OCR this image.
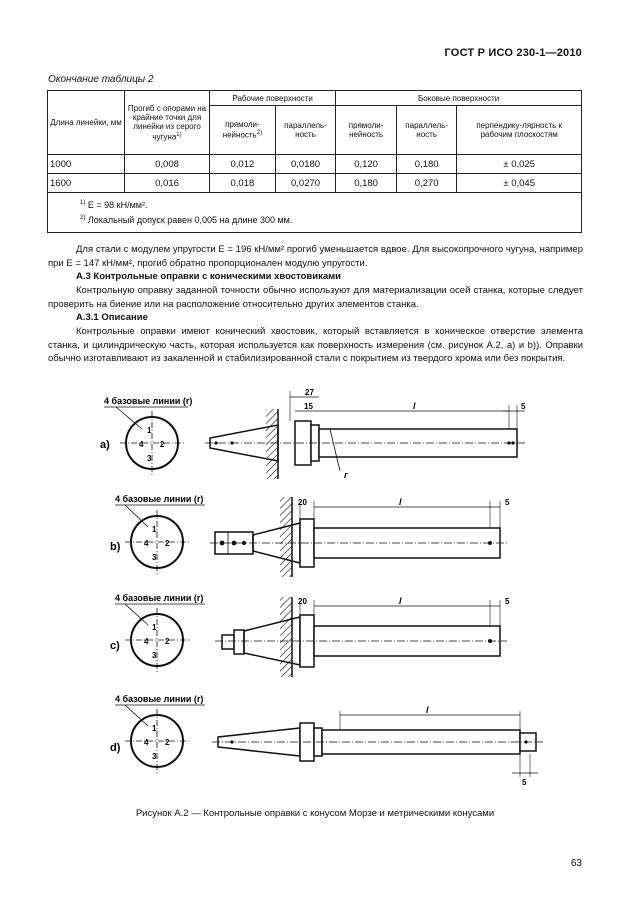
ГОСТ Р ИСО 230-1—2010
Окончание таблицы 2
Длина линейки, мм	Прогиб с опорами на крайние точки для линейки из серого чугуна$^{1)}$	Рабочие поверхности		Боковые поверхности		
		прямоли-нейность$^{2)}$	параллель-ность	прямоли-нейность	параллель-ность	перпендику-лярность к рабочим плоскостям
1000	0,008	0,012	0,0180	0,120	0,180	± 0,025
1600	0,016	0,018	0,0270	0,180	0,270	± 0,045

$^{1)}$ E = 98 кН/мм².
$^{2)}$ Локальный допуск равен 0,005 на длине 300 мм.						
Для стали с модулем упругости E = 196 кН/мм² прогиб уменьшается вдвое. Для высокопрочного чугуна, например при E = 147 кН/мм², прогиб обратно пропорционален модулю упругости.
А.3 Контрольные оправки с коническими хвостовиками
Контрольную оправку заданной точности обычно используют для материализации осей станка, которые следует проверить на биение или на расположение относительно других элементов станка.
А.3.1 Описание
Контрольные оправки имеют конический хвостовик, который вставляется в коническое отверстие элемента станка, и цилиндрическую часть, которая используется как поверхность измерения (см. рисунок А.2, а) и b)). Оправки обычно изготавливают из закаленной и стабилизированной стали с покрытием из твердого хрома или без покрытия.
4 базовые линии (r)
1
4 2
3
a)
r
27
15	l	5
4 базовые линии (r)
1
4 2
3
b)
20	l	5
4 базовые линии (r)
1
4 2
3
c)
20	l	5
4 базовые линии (r)
1
4 2
3
d)
l
5
Рисунок А.2 — Контрольные оправки с конусом Морзе и метрическими конусами
63
